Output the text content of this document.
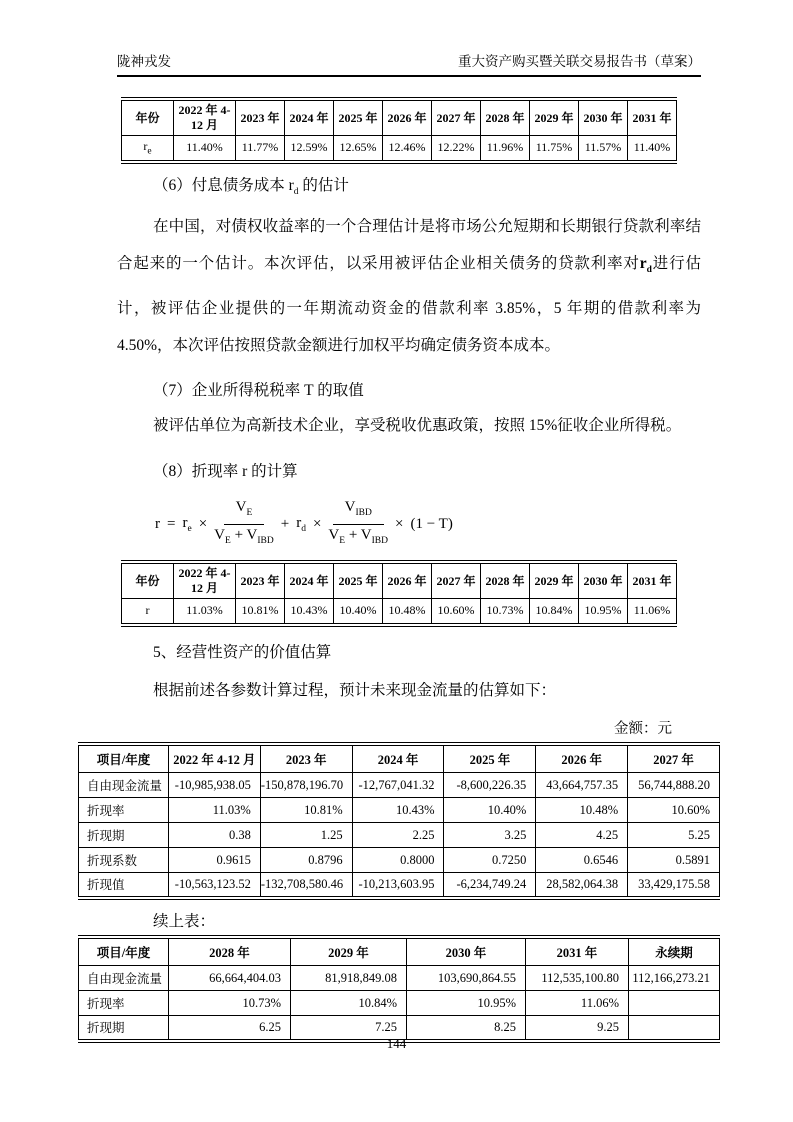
陇神戎发	重大资产购买暨关联交易报告书（草案）
年份	2022 年 4-12 月	2023 年	2024 年	2025 年	2026 年	2027 年	2028 年	2029 年	2030 年	2031 年
$r_e$	11.40%	11.77%	12.59%	12.65%	12.46%	12.22%	11.96%	11.75%	11.57%	11.40%
（6）付息债务成本 $r_d$ 的估计
在中国，对债权收益率的一个合理估计是将市场公允短期和长期银行贷款利率结合起来的一个估计。本次评估，以采用被评估企业相关债务的贷款利率对$r_d$进行估计，被评估企业提供的一年期流动资金的借款利率 3.85%，5 年期的借款利率为 4.50%，本次评估按照贷款金额进行加权平均确定债务资本成本。
（7）企业所得税税率 T 的取值
被评估单位为高新技术企业，享受税收优惠政策，按照 15%征收企业所得税。
（8）折现率 r 的计算
$r = r_e \times \frac{V_E}{V_E + V_{IBD}} + r_d \times \frac{V_{IBD}}{V_E + V_{IBD}} \times (1 - T)$
年份	2022 年 4-12 月	2023 年	2024 年	2025 年	2026 年	2027 年	2028 年	2029 年	2030 年	2031 年
r	11.03%	10.81%	10.43%	10.40%	10.48%	10.60%	10.73%	10.84%	10.95%	11.06%
5、经营性资产的价值估算
根据前述各参数计算过程，预计未来现金流量的估算如下：
金额：元
项目/年度	2022 年 4-12 月	2023 年	2024 年	2025 年	2026 年	2027 年
自由现金流量	-10,985,938.05	-150,878,196.70	-12,767,041.32	-8,600,226.35	43,664,757.35	56,744,888.20
折现率	11.03%	10.81%	10.43%	10.40%	10.48%	10.60%
折现期	0.38	1.25	2.25	3.25	4.25	5.25
折现系数	0.9615	0.8796	0.8000	0.7250	0.6546	0.5891
折现值	-10,563,123.52	-132,708,580.46	-10,213,603.95	-6,234,749.24	28,582,064.38	33,429,175.58
续上表：
项目/年度	2028 年	2029 年	2030 年	2031 年	永续期
自由现金流量	66,664,404.03	81,918,849.08	103,690,864.55	112,535,100.80	112,166,273.21
折现率	10.73%	10.84%	10.95%	11.06%	
折现期	6.25	7.25	8.25	9.25	
144
